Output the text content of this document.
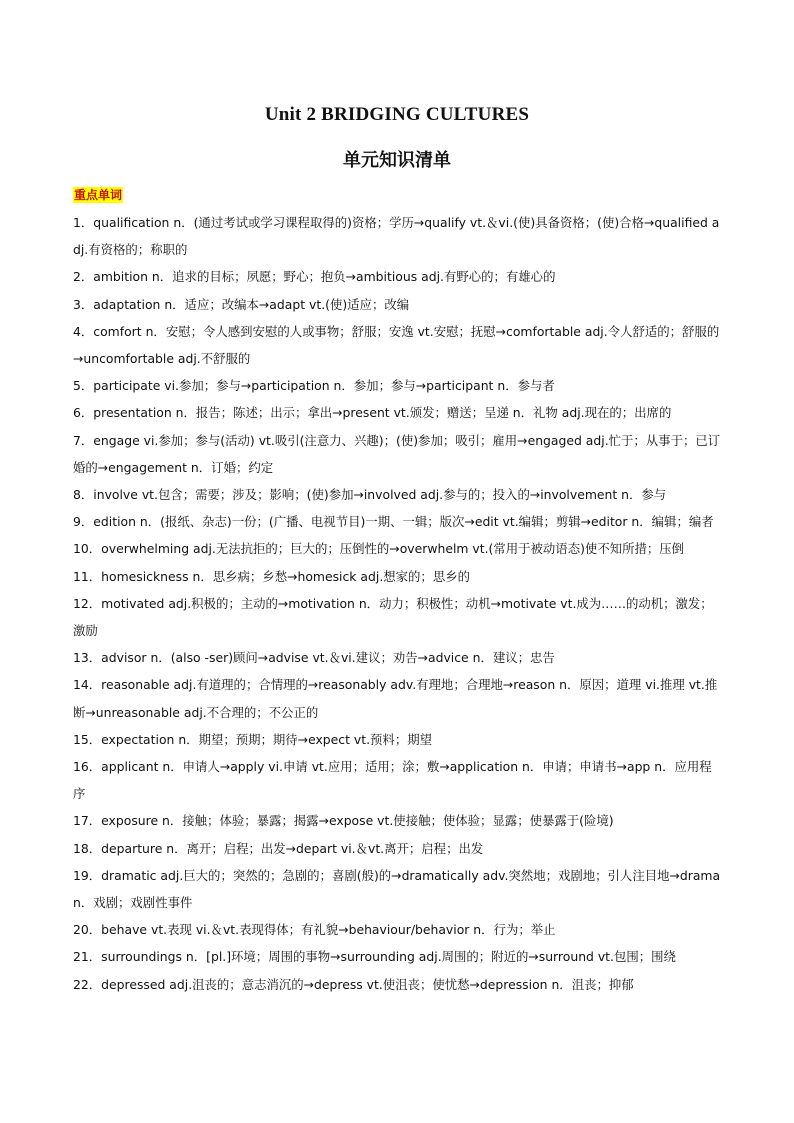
Unit 2 BRIDGING CULTURES
单元知识清单
重点单词

1．qualification n．(通过考试或学习课程取得的)资格；学历→qualify vt.＆vi.(使)具备资格；(使)合格→qualified adj.有资格的；称职的

2．ambition n．追求的目标；夙愿；野心；抱负→ambitious adj.有野心的；有雄心的

3．adaptation n．适应；改编本→adapt vt.(使)适应；改编

4．comfort n．安慰；令人感到安慰的人或事物；舒服；安逸 vt.安慰；抚慰→comfortable adj.令人舒适的；舒服的→uncomfortable adj.不舒服的

5．participate vi.参加；参与→participation n．参加；参与→participant n．参与者

6．presentation n．报告；陈述；出示；拿出→present vt.颁发；赠送；呈递 n．礼物 adj.现在的；出席的

7．engage vi.参加；参与(活动) vt.吸引(注意力、兴趣)；(使)参加；吸引；雇用→engaged adj.忙于；从事于；已订婚的→engagement n．订婚；约定

8．involve vt.包含；需要；涉及；影响；(使)参加→involved adj.参与的；投入的→involvement n．参与

9．edition n．(报纸、杂志)一份；(广播、电视节目)一期、一辑；版次→edit vt.编辑；剪辑→editor n．编辑；编者

10．overwhelming adj.无法抗拒的；巨大的；压倒性的→overwhelm vt.(常用于被动语态)使不知所措；压倒

11．homesickness n．思乡病；乡愁→homesick adj.想家的；思乡的

12．motivated adj.积极的；主动的→motivation n．动力；积极性；动机→motivate vt.成为……的动机；激发；激励

13．advisor n．(also -ser)顾问→advise vt.＆vi.建议；劝告→advice n．建议；忠告

14．reasonable adj.有道理的；合情理的→reasonably adv.有理地；合理地→reason n．原因；道理 vi.推理 vt.推断→unreasonable adj.不合理的；不公正的

15．expectation n．期望；预期；期待→expect vt.预料；期望

16．applicant n．申请人→apply vi.申请 vt.应用；适用；涂；敷→application n．申请；申请书→app n．应用程序

17．exposure n．接触；体验；暴露；揭露→expose vt.使接触；使体验；显露；使暴露于(险境)

18．departure n．离开；启程；出发→depart vi.＆vt.离开；启程；出发

19．dramatic adj.巨大的；突然的；急剧的；喜剧(般)的→dramatically adv.突然地；戏剧地；引人注目地→drama n．戏剧；戏剧性事件

20．behave vt.表现 vi.＆vt.表现得体；有礼貌→behaviour/behavior n．行为；举止

21．surroundings n．[pl.]环境；周围的事物→surrounding adj.周围的；附近的→surround vt.包围；围绕

22．depressed adj.沮丧的；意志消沉的→depress vt.使沮丧；使忧愁→depression n．沮丧；抑郁
